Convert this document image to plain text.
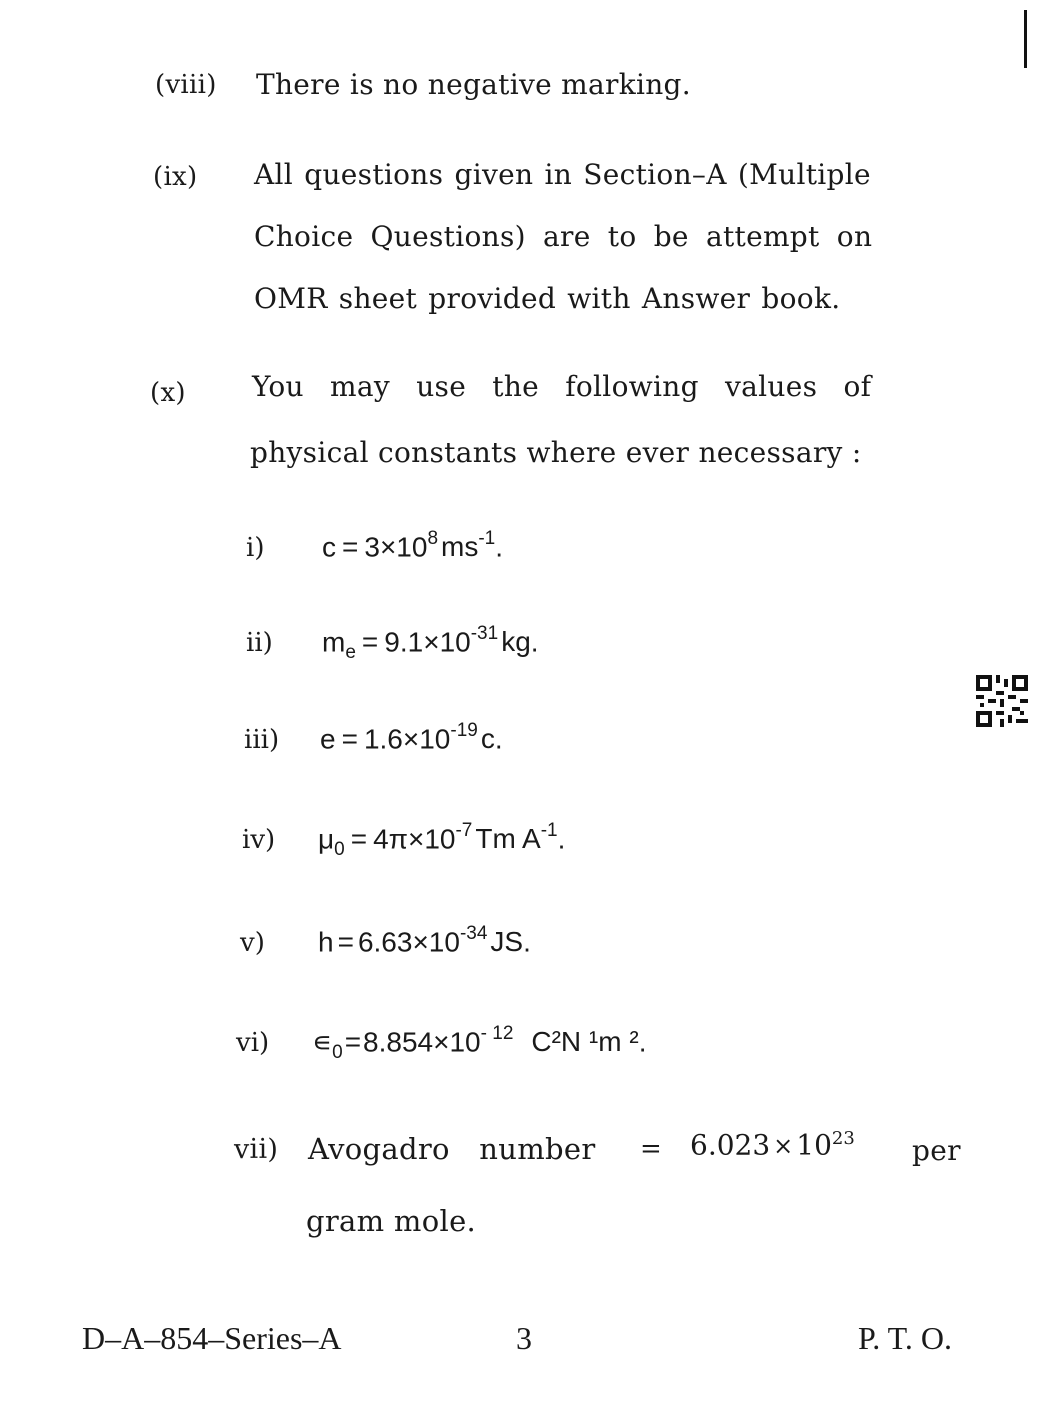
(viii) There is no negative marking.
(ix) All questions given in Section–A (Multiple
Choice Questions) are to be attempt on
OMR sheet provided with Answer book.
(x) You may use the following values of
physical constants where ever necessary :
i) $c = 3\times 10^8$ $ms^{-1}$.
ii) $m_e = 9.1\times 10^{-31}$ kg.
iii) $e = 1.6\times 10^{-19}$ c.
iv) $\mu_0 = 4\pi\times 10^{-7}$ Tm $A^{-1}$.
v) $h = 6.63\times 10^{-34}$ JS.
vi) $∊_0=8.854\times 10^{- 12}$ C²N ¹m ².
vii) Avogadro number = $6.023 \times 10^{23}$ per
gram mole.
D–A–854–Series–A	3	P. T. O.
